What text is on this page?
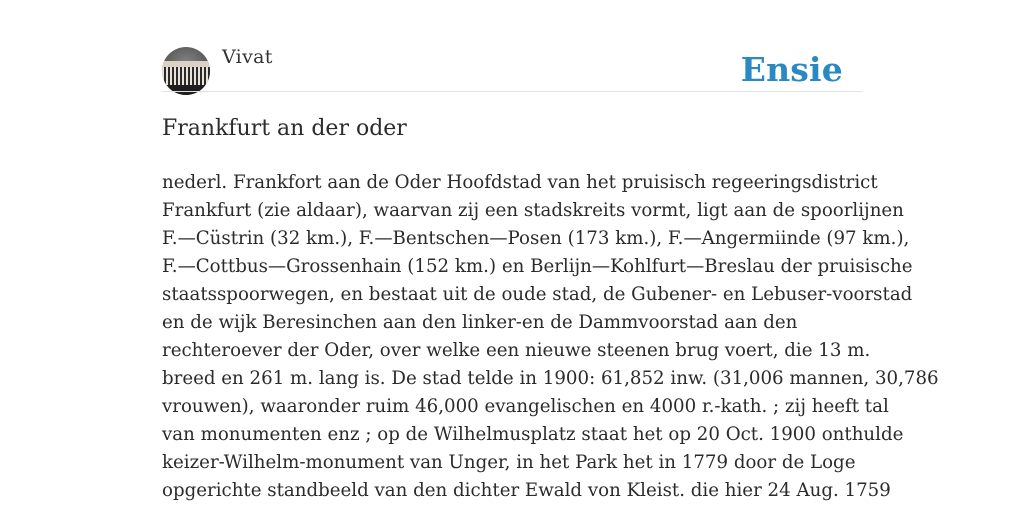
Vivat	Ensie
Frankfurt an der oder
nederl. Frankfort aan de Oder Hoofdstad van het pruisisch regeeringsdistrict
Frankfurt (zie aldaar), waarvan zij een stadskreits vormt, ligt aan de spoorlijnen
F.—Cüstrin (32 km.), F.—Bentschen—Posen (173 km.), F.—Angermiinde (97 km.),
F.—Cottbus—Grossenhain (152 km.) en Berlijn—Kohlfurt—Breslau der pruisische
staatsspoorwegen, en bestaat uit de oude stad, de Gubener- en Lebuser-voorstad
en de wijk Beresinchen aan den linker-en de Dammvoorstad aan den
rechteroever der Oder, over welke een nieuwe steenen brug voert, die 13 m.
breed en 261 m. lang is. De stad telde in 1900: 61,852 inw. (31,006 mannen, 30,786
vrouwen), waaronder ruim 46,000 evangelischen en 4000 r.-kath. ; zij heeft tal
van monumenten enz ; op de Wilhelmusplatz staat het op 20 Oct. 1900 onthulde
keizer-Wilhelm-monument van Unger, in het Park het in 1779 door de Loge
opgerichte standbeeld van den dichter Ewald von Kleist. die hier 24 Aug. 1759
